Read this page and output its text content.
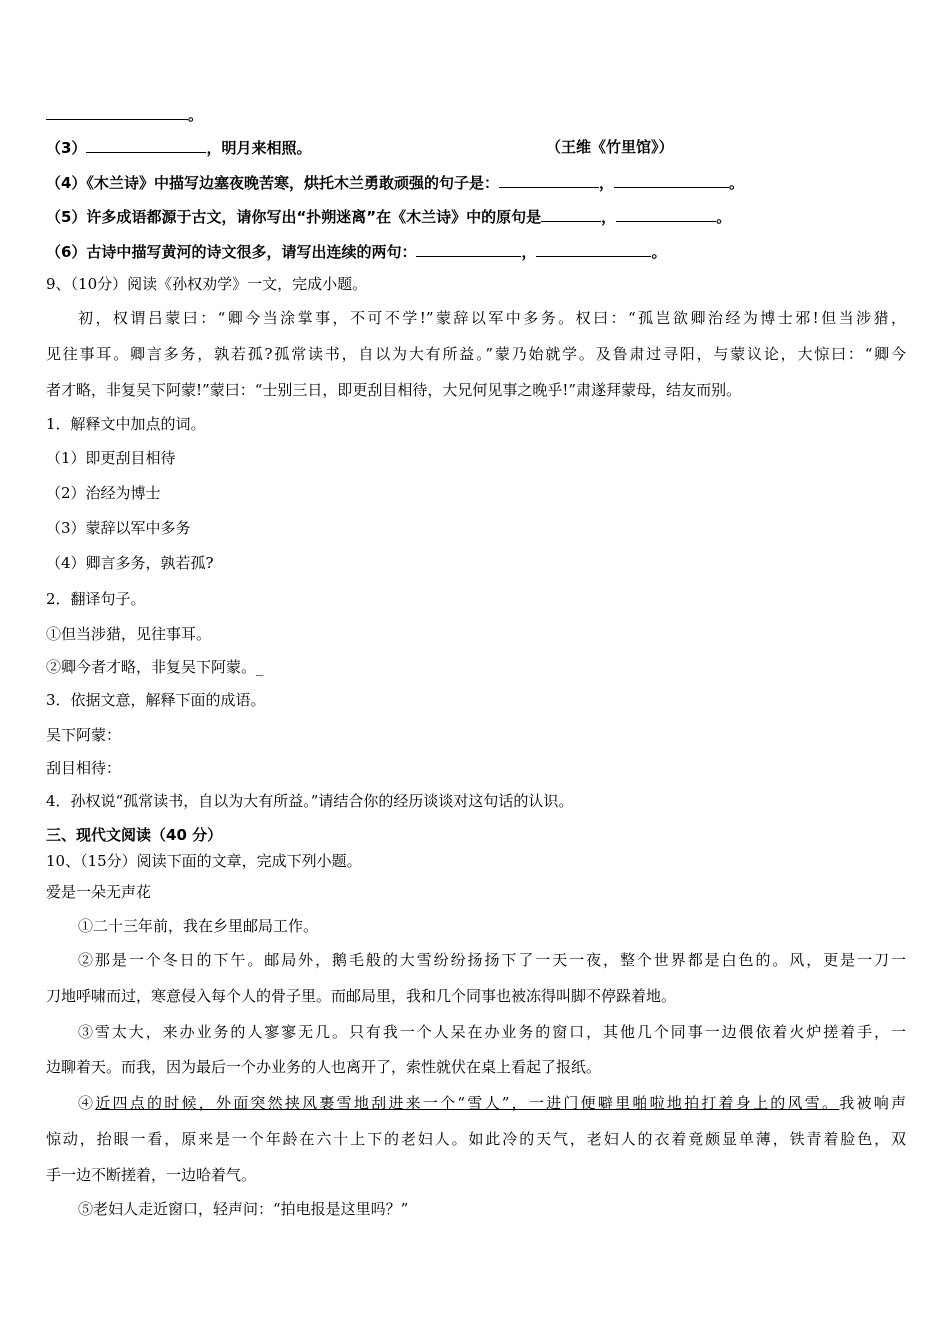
。
（3）	，明月来相照。	（王维《竹里馆》）
（4）《木兰诗》中描写边塞夜晚苦寒，烘托木兰勇敢顽强的句子是：	，	。
（5）许多成语都源于古文，请你写出“扑朔迷离”在《木兰诗》中的原句是	，	。
（6）古诗中描写黄河的诗文很多，请写出连续的两句：	，	。
9、（10分）阅读《孙权劝学》一文，完成小题。
初，权谓吕蒙曰：“卿今当涂掌事，不可不学!”蒙辞以军中多务。权曰：“孤岂欲卿治经为博士邪!但当涉猎，
见往事耳。卿言多务，孰若孤?孤常读书，自以为大有所益。”蒙乃始就学。及鲁肃过寻阳，与蒙议论，大惊曰：“卿今
者才略，非复吴下阿蒙!”蒙曰：“士别三日，即更刮目相待，大兄何见事之晚乎!”肃遂拜蒙母，结友而别。
1．解释文中加点的词。
（1）即更刮目相待
（2）治经为博士
（3）蒙辞以军中多务
（4）卿言多务，孰若孤?
2．翻译句子。
①但当涉猎，见往事耳。
②卿今者才略，非复吴下阿蒙。_
3．依据文意，解释下面的成语。
吴下阿蒙：
刮目相待：
4．孙权说“孤常读书，自以为大有所益。”请结合你的经历谈谈对这句话的认识。
三、现代文阅读（40 分）
10、（15分）阅读下面的文章，完成下列小题。
爱是一朵无声花
①二十三年前，我在乡里邮局工作。
②那是一个冬日的下午。邮局外，鹅毛般的大雪纷纷扬扬下了一天一夜，整个世界都是白色的。风，更是一刀一
刀地呼啸而过，寒意侵入每个人的骨子里。而邮局里，我和几个同事也被冻得叫脚不停跺着地。
③雪太大，来办业务的人寥寥无几。只有我一个人呆在办业务的窗口，其他几个同事一边偎依着火炉搓着手，一
边聊着天。而我，因为最后一个办业务的人也离开了，索性就伏在桌上看起了报纸。
④近四点的时候，外面突然挟风裹雪地刮进来一个“雪人”，一进门便噼里啪啦地拍打着身上的风雪。我被响声
惊动，抬眼一看，原来是一个年龄在六十上下的老妇人。如此冷的天气，老妇人的衣着竟颇显单薄，铁青着脸色，双
手一边不断搓着，一边哈着气。
⑤老妇人走近窗口，轻声问：“拍电报是这里吗？”
